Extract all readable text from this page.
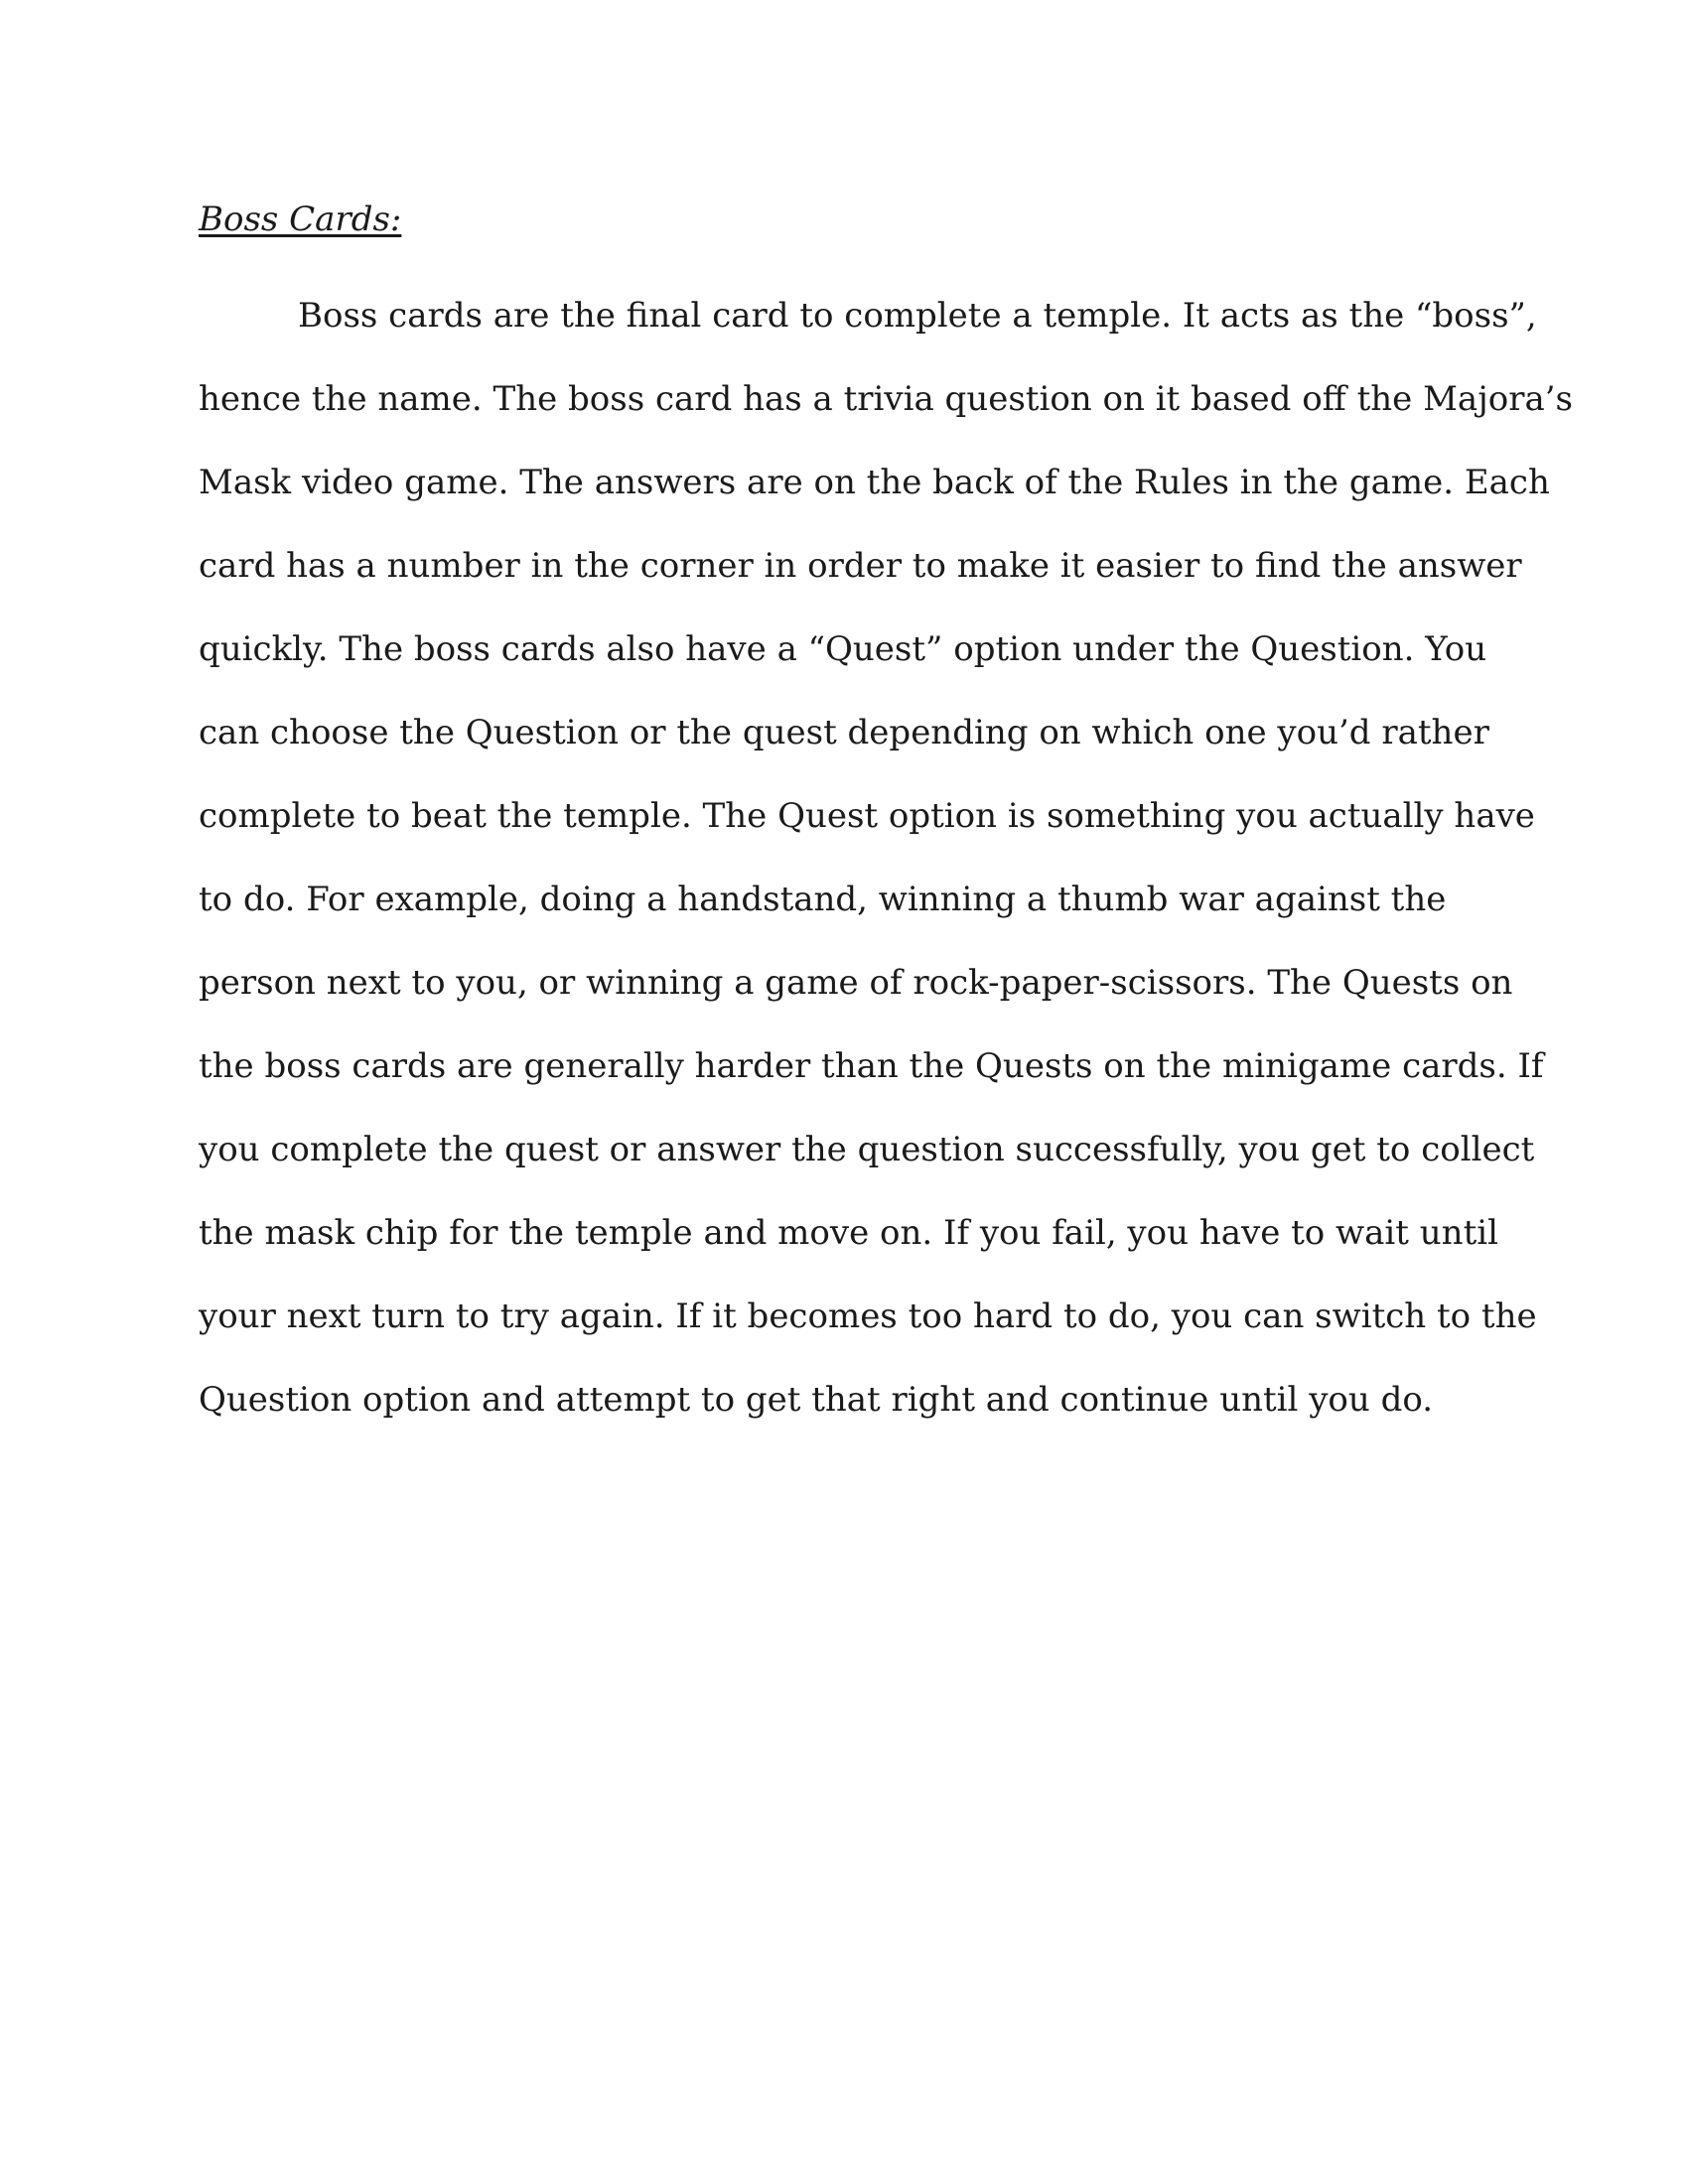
Boss Cards:
Boss cards are the final card to complete a temple. It acts as the “boss”,
hence the name. The boss card has a trivia question on it based off the Majora’s
Mask video game. The answers are on the back of the Rules in the game. Each
card has a number in the corner in order to make it easier to find the answer
quickly. The boss cards also have a “Quest” option under the Question. You
can choose the Question or the quest depending on which one you’d rather
complete to beat the temple. The Quest option is something you actually have
to do. For example, doing a handstand, winning a thumb war against the
person next to you, or winning a game of rock-paper-scissors. The Quests on
the boss cards are generally harder than the Quests on the minigame cards. If
you complete the quest or answer the question successfully, you get to collect
the mask chip for the temple and move on. If you fail, you have to wait until
your next turn to try again. If it becomes too hard to do, you can switch to the
Question option and attempt to get that right and continue until you do.
